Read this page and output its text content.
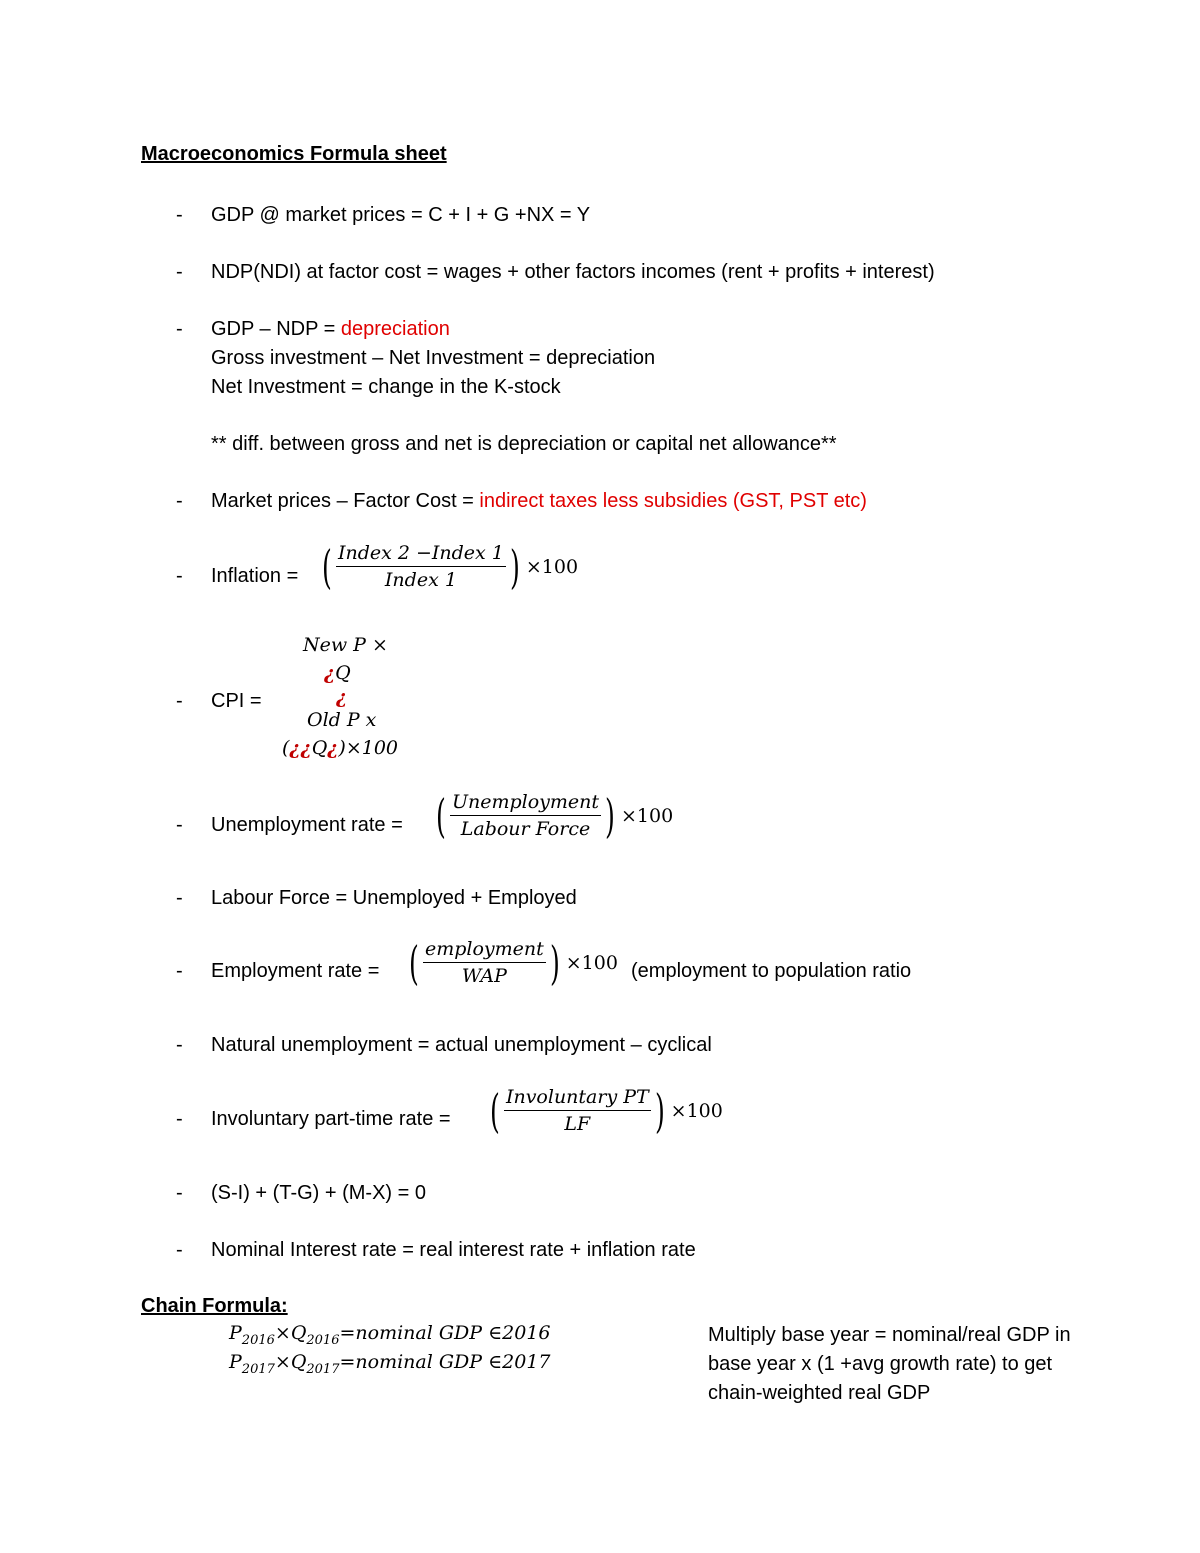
Macroeconomics Formula sheet
- GDP @ market prices = C + I + G +NX = Y
- NDP(NDI) at factor cost = wages + other factors incomes (rent + profits + interest)
- GDP – NDP = depreciation
Gross investment – Net Investment = depreciation
Net Investment = change in the K-stock
** diff. between gross and net is depreciation or capital net allowance**
- Market prices – Factor Cost = indirect taxes less subsidies (GST, PST etc)
- Inflation = ( $\frac{\text{Index 2 −Index 1}}{\text{Index 1}}$ ) ×100
- CPI =
New P ×
¿Q
¿
Old P x
(¿¿Q¿)×100
- Unemployment rate = ( $\frac{\text{Unemployment}}{\text{Labour Force}}$ ) ×100
- Labour Force = Unemployed + Employed
- Employment rate = ( $\frac{\text{employment}}{\text{WAP}}$ ) ×100 (employment to population ratio
- Natural unemployment = actual unemployment – cyclical
- Involuntary part-time rate = ( $\frac{\text{Involuntary PT}}{LF}$ ) ×100
- (S-I) + (T-G) + (M-X) = 0
- Nominal Interest rate = real interest rate + inflation rate
Chain Formula:
$P_{2016}\times Q_{2016}=nominal$ GDP ∈2016
$P_{2017}\times Q_{2017}=nominal$ GDP ∈2017
Multiply base year = nominal/real GDP in
base year x (1 +avg growth rate) to get
chain-weighted real GDP
